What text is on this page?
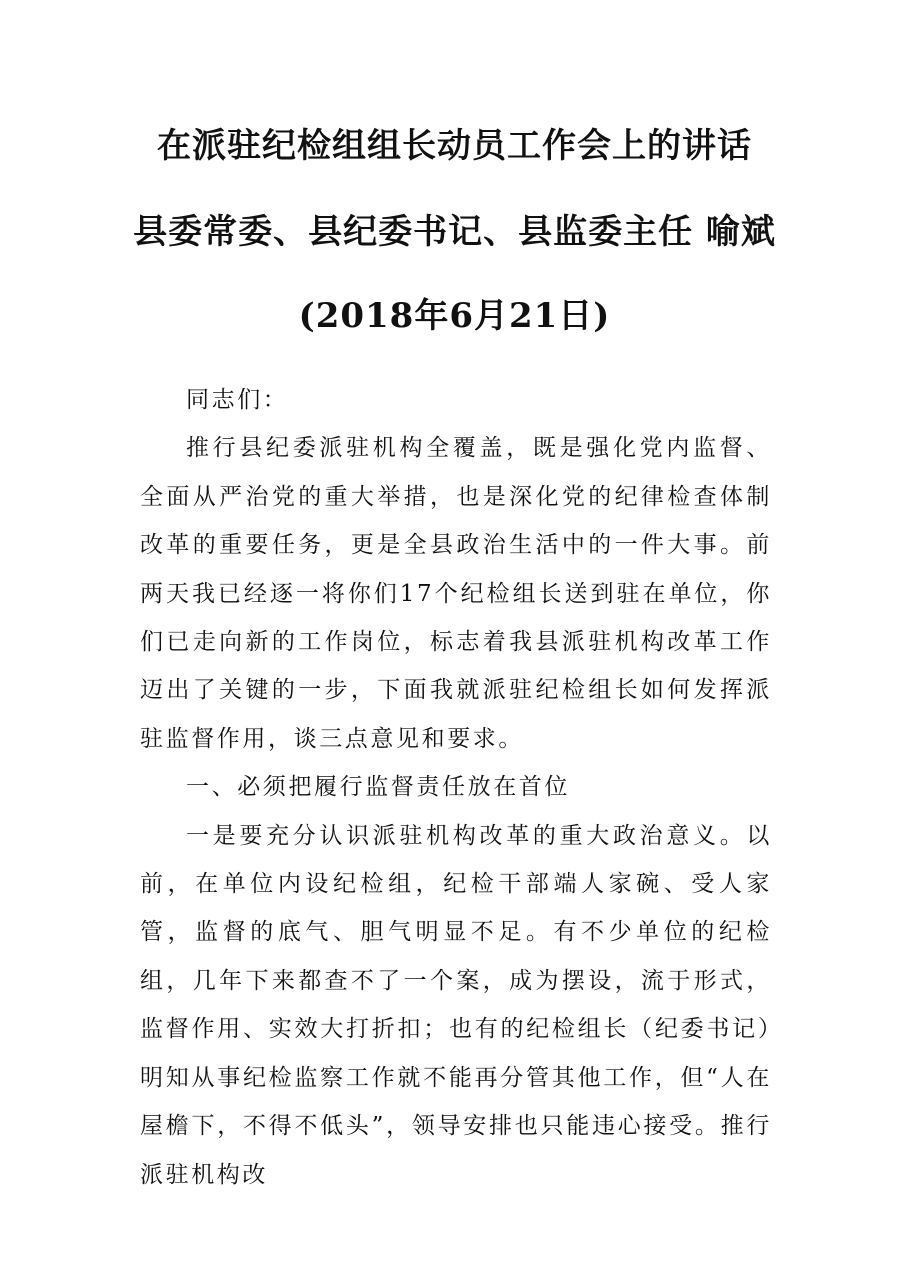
在派驻纪检组组长动员工作会上的讲话
县委常委、县纪委书记、县监委主任 喻斌
(2018年6月21日)

同志们：

推行县纪委派驻机构全覆盖，既是强化党内监督、全面从严治党的重大举措，也是深化党的纪律检查体制改革的重要任务，更是全县政治生活中的一件大事。前两天我已经逐一将你们17个纪检组长送到驻在单位，你们已走向新的工作岗位，标志着我县派驻机构改革工作迈出了关键的一步，下面我就派驻纪检组长如何发挥派驻监督作用，谈三点意见和要求。

一、必须把履行监督责任放在首位

一是要充分认识派驻机构改革的重大政治意义。以前，在单位内设纪检组，纪检干部端人家碗、受人家管，监督的底气、胆气明显不足。有不少单位的纪检组，几年下来都查不了一个案，成为摆设，流于形式，监督作用、实效大打折扣；也有的纪检组长（纪委书记）明知从事纪检监察工作就不能再分管其他工作，但“人在屋檐下，不得不低头”，领导安排也只能违心接受。推行派驻机构改
